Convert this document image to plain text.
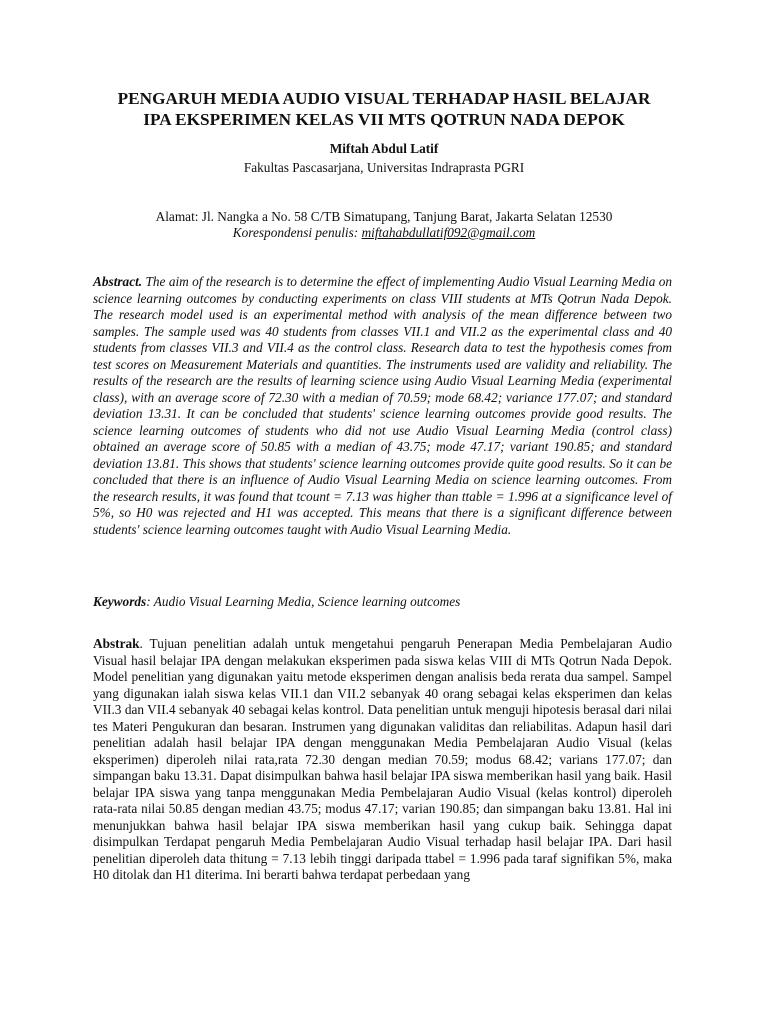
PENGARUH MEDIA AUDIO VISUAL TERHADAP HASIL BELAJAR
IPA EKSPERIMEN KELAS VII MTS QOTRUN NADA DEPOK
Miftah Abdul Latif
Fakultas Pascasarjana, Universitas Indraprasta PGRI
Alamat: Jl. Nangka a No. 58 C/TB Simatupang, Tanjung Barat, Jakarta Selatan 12530
Korespondensi penulis: miftahabdullatif092@gmail.com

Abstract. The aim of the research is to determine the effect of implementing Audio Visual Learning Media on science learning outcomes by conducting experiments on class VIII students at MTs Qotrun Nada Depok. The research model used is an experimental method with analysis of the mean difference between two samples. The sample used was 40 students from classes VII.1 and VII.2 as the experimental class and 40 students from classes VII.3 and VII.4 as the control class. Research data to test the hypothesis comes from test scores on Measurement Materials and quantities. The instruments used are validity and reliability. The results of the research are the results of learning science using Audio Visual Learning Media (experimental class), with an average score of 72.30 with a median of 70.59; mode 68.42; variance 177.07; and standard deviation 13.31. It can be concluded that students' science learning outcomes provide good results. The science learning outcomes of students who did not use Audio Visual Learning Media (control class) obtained an average score of 50.85 with a median of 43.75; mode 47.17; variant 190.85; and standard deviation 13.81. This shows that students' science learning outcomes provide quite good results. So it can be concluded that there is an influence of Audio Visual Learning Media on science learning outcomes. From the research results, it was found that tcount = 7.13 was higher than ttable = 1.996 at a significance level of 5%, so H0 was rejected and H1 was accepted. This means that there is a significant difference between students' science learning outcomes taught with Audio Visual Learning Media.

Keywords: Audio Visual Learning Media, Science learning outcomes

Abstrak. Tujuan penelitian adalah untuk mengetahui pengaruh Penerapan Media Pembelajaran Audio Visual hasil belajar IPA dengan melakukan eksperimen pada siswa kelas VIII di MTs Qotrun Nada Depok. Model penelitian yang digunakan yaitu metode eksperimen dengan analisis beda rerata dua sampel. Sampel yang digunakan ialah siswa kelas VII.1 dan VII.2 sebanyak 40 orang sebagai kelas eksperimen dan kelas VII.3 dan VII.4 sebanyak 40 sebagai kelas kontrol. Data penelitian untuk menguji hipotesis berasal dari nilai tes Materi Pengukuran dan besaran. Instrumen yang digunakan validitas dan reliabilitas. Adapun hasil dari penelitian adalah hasil belajar IPA dengan menggunakan Media Pembelajaran Audio Visual (kelas eksperimen) diperoleh nilai rata,rata 72.30 dengan median 70.59; modus 68.42; varians 177.07; dan simpangan baku 13.31. Dapat disimpulkan bahwa hasil belajar IPA siswa memberikan hasil yang baik. Hasil belajar IPA siswa yang tanpa menggunakan Media Pembelajaran Audio Visual (kelas kontrol) diperoleh rata-rata nilai 50.85 dengan median 43.75; modus 47.17; varian 190.85; dan simpangan baku 13.81. Hal ini menunjukkan bahwa hasil belajar IPA siswa memberikan hasil yang cukup baik. Sehingga dapat disimpulkan Terdapat pengaruh Media Pembelajaran Audio Visual terhadap hasil belajar IPA. Dari hasil penelitian diperoleh data thitung = 7.13 lebih tinggi daripada ttabel = 1.996 pada taraf signifikan 5%, maka H0 ditolak dan H1 diterima. Ini berarti bahwa terdapat perbedaan yang
